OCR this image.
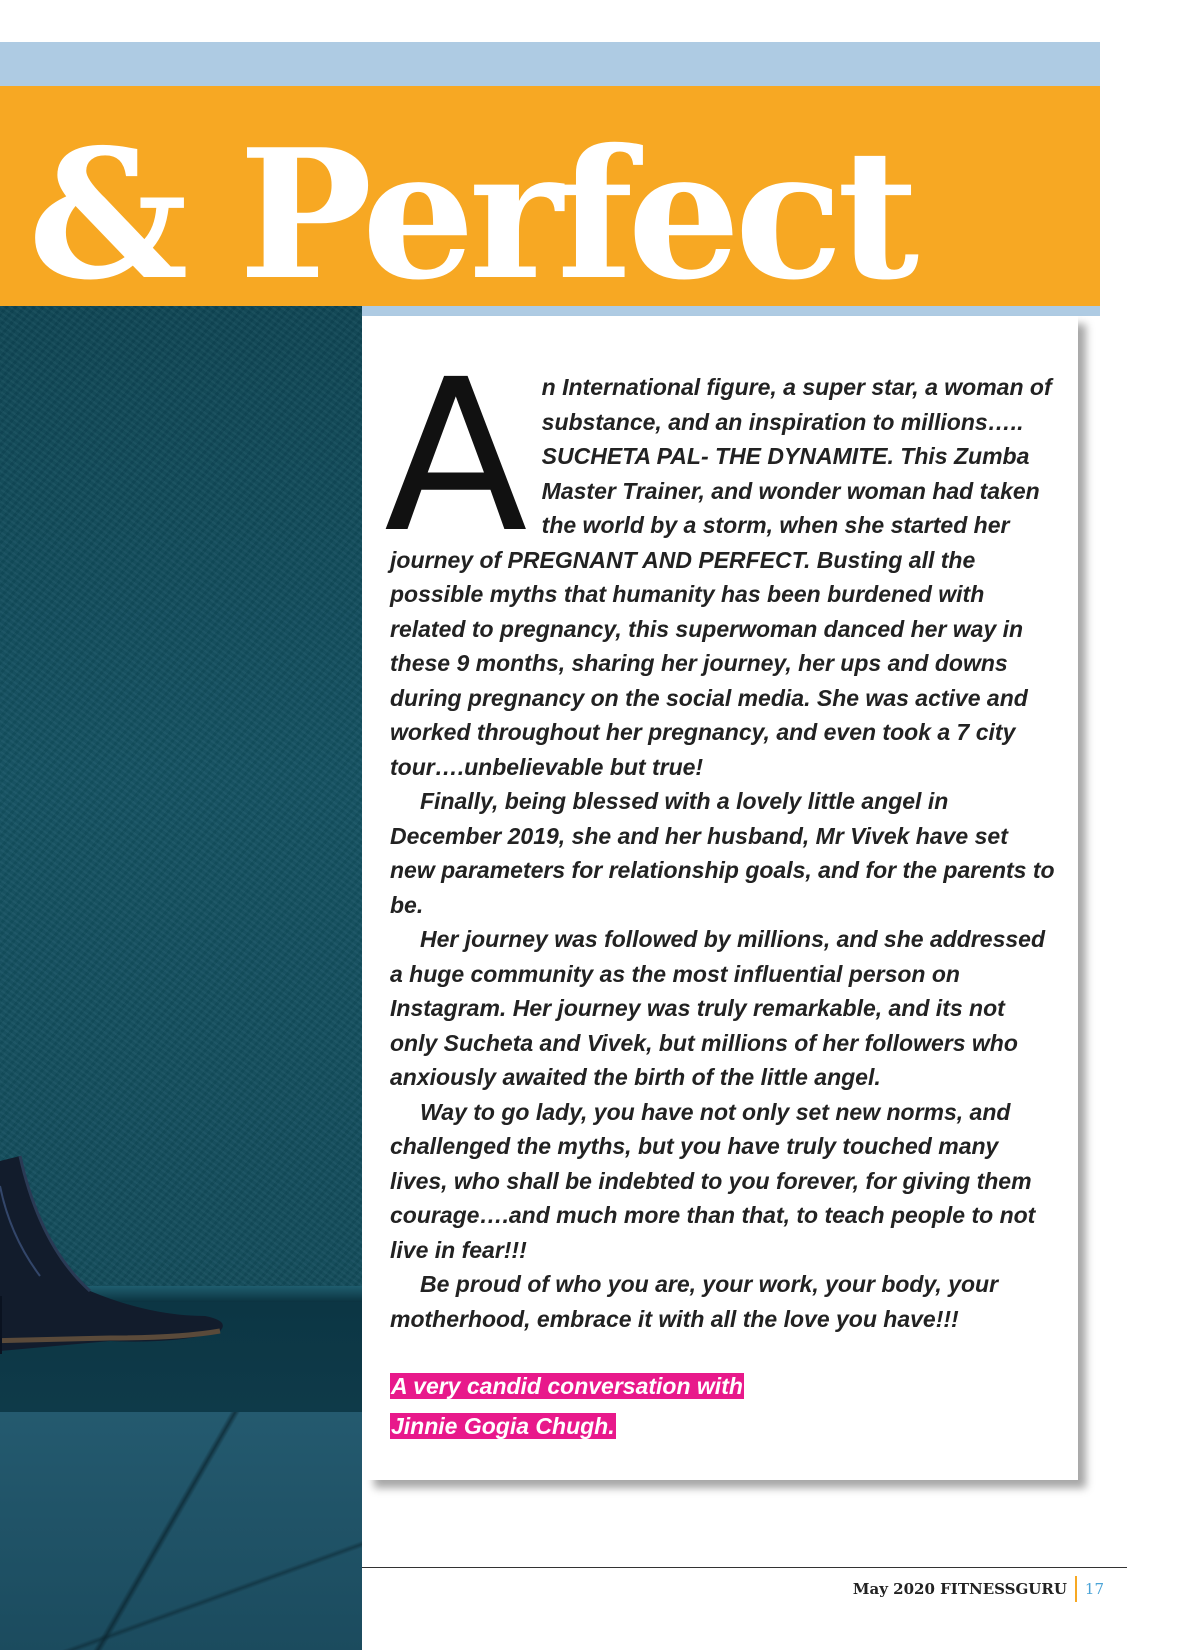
& Perfect

An International figure, a super star, a woman of substance, and an inspiration to millions….. SUCHETA PAL- THE DYNAMITE. This Zumba Master Trainer, and wonder woman had taken the world by a storm, when she started her journey of PREGNANT AND PERFECT. Busting all the possible myths that humanity has been burdened with related to pregnancy, this superwoman danced her way in these 9 months, sharing her journey, her ups and downs during pregnancy on the social media. She was active and worked throughout her pregnancy, and even took a 7 city tour….unbelievable but true!

Finally, being blessed with a lovely little angel in December 2019, she and her husband, Mr Vivek have set new parameters for relationship goals, and for the parents to be.

Her journey was followed by millions, and she addressed a huge community as the most influential person on Instagram. Her journey was truly remarkable, and its not only Sucheta and Vivek, but millions of her followers who anxiously awaited the birth of the little angel.

Way to go lady, you have not only set new norms, and challenged the myths, but you have truly touched many lives, who shall be indebted to you forever, for giving them courage….and much more than that, to teach people to not live in fear!!!

Be proud of who you are, your work, your body, your motherhood, embrace it with all the love you have!!!

A very candid conversation with
Jinnie Gogia Chugh.

May 2020 FITNESSGURU 17
